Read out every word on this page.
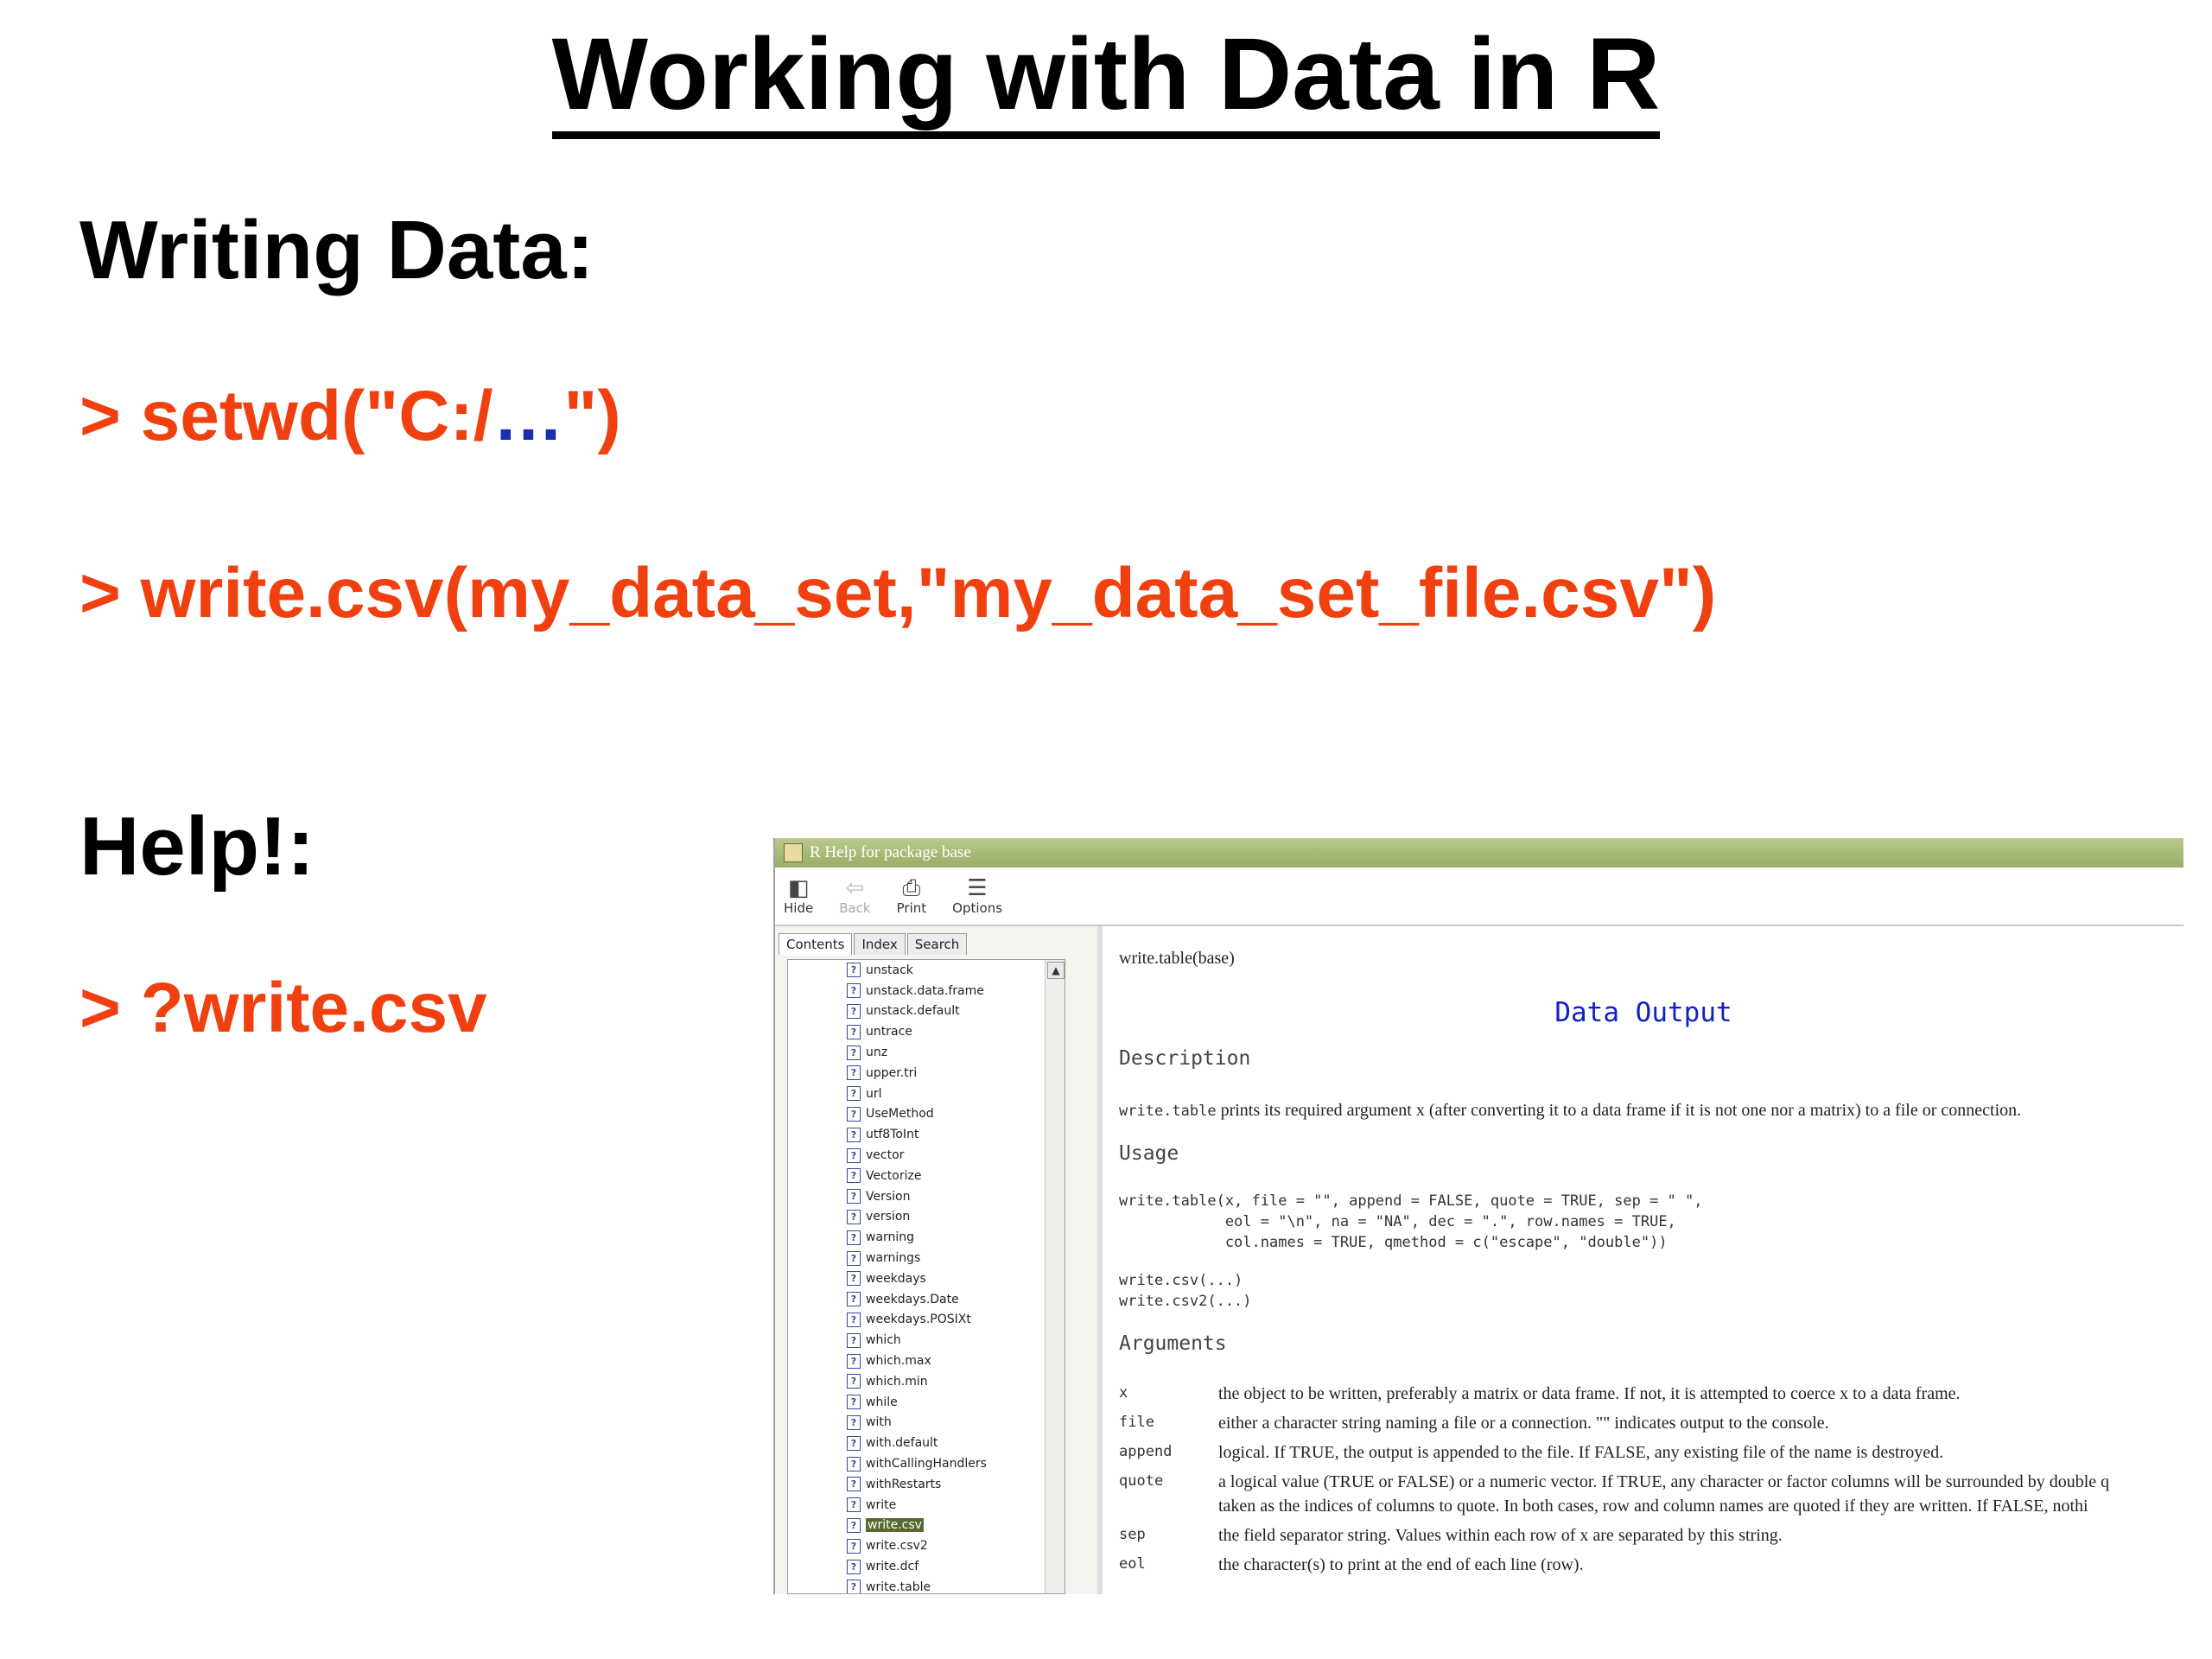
Working with Data in R
Writing Data:
> setwd("C:/…")
> write.csv(my_data_set,"my_data_set_file.csv")
Help!:
> ?write.csv
R Help for package base
◧
Hide
⇦
Back
⎙
Print
☰
Options
Contents	Index	Search
? unstack
? unstack.data.frame
? unstack.default
? untrace
? unz
? upper.tri
? url
? UseMethod
? utf8ToInt
? vector
? Vectorize
? Version
? version
? warning
? warnings
? weekdays
? weekdays.Date
? weekdays.POSIXt
? which
? which.max
? which.min
? while
? with
? with.default
? withCallingHandlers
? withRestarts
? write
? write.csv
? write.csv2
? write.dcf
? write.table
▲
write.table(base)
Data Output
Description
write.table prints its required argument x (after converting it to a data frame if it is not one nor a matrix) to a file or connection.
Usage
write.table(x, file = "", append = FALSE, quote = TRUE, sep = " ",
eol = "\n", na = "NA", dec = ".", row.names = TRUE,
col.names = TRUE, qmethod = c("escape", "double"))
write.csv(...)
write.csv2(...)
Arguments
x	the object to be written, preferably a matrix or data frame. If not, it is attempted to coerce x to a data frame.
file	either a character string naming a file or a connection. "" indicates output to the console.
append	logical. If TRUE, the output is appended to the file. If FALSE, any existing file of the name is destroyed.
quote	a logical value (TRUE or FALSE) or a numeric vector. If TRUE, any character or factor columns will be surrounded by double q
taken as the indices of columns to quote. In both cases, row and column names are quoted if they are written. If FALSE, nothi
sep	the field separator string. Values within each row of x are separated by this string.
eol	the character(s) to print at the end of each line (row).
